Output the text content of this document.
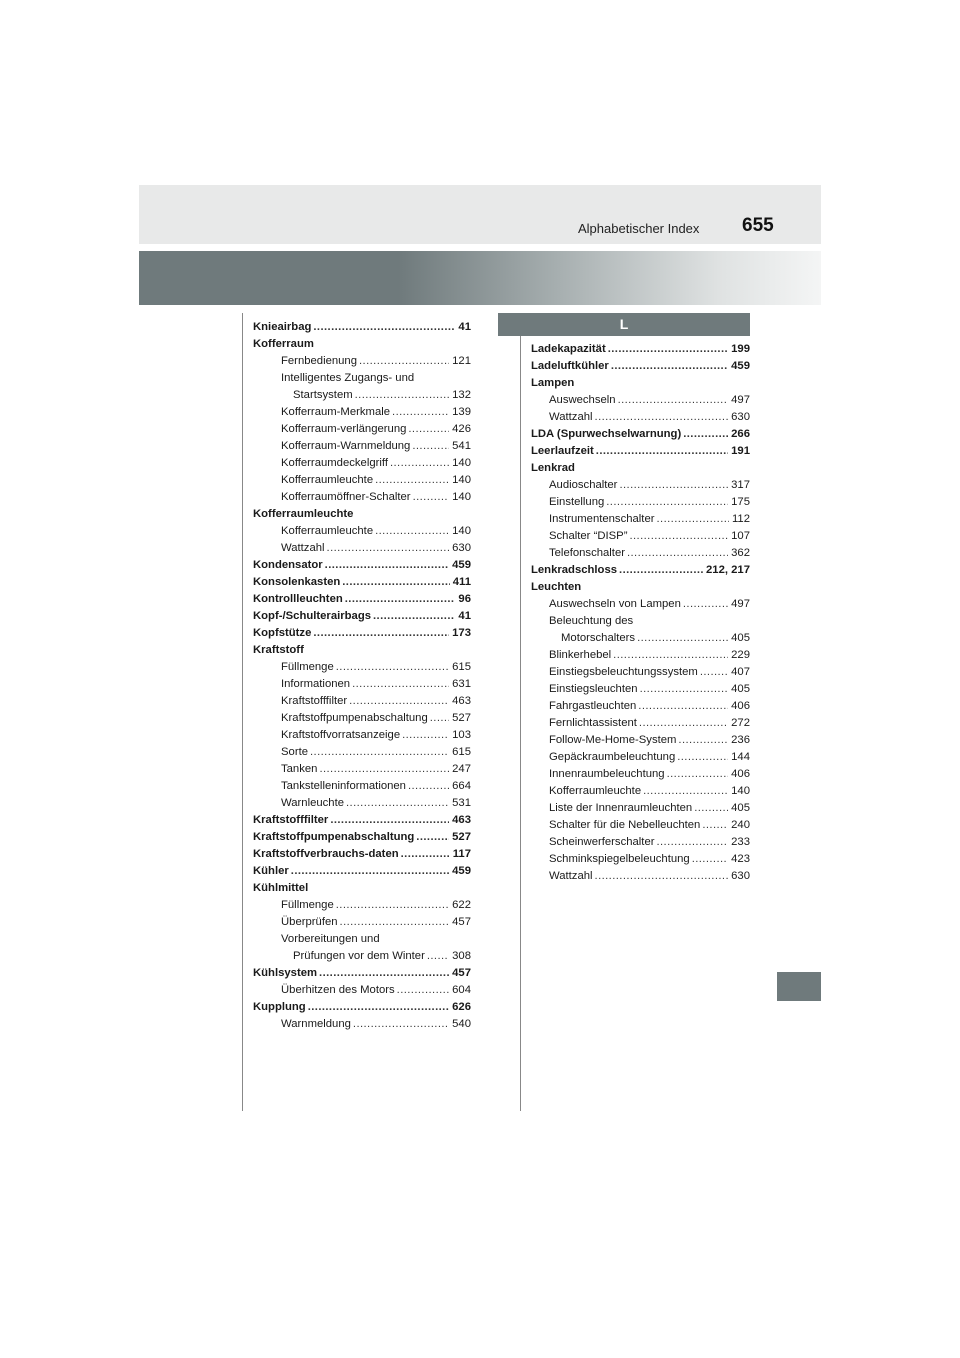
Alphabetischer Index 655
L
Knieairbag .....	41
Kofferraum
Fernbedienung .....	121
Intelligentes Zugangs- und
Startsystem .....	132
Kofferraum-Merkmale .....	139
Kofferraum-verlängerung .....	426
Kofferraum-Warnmeldung .....	541
Kofferraumdeckelgriff .....	140
Kofferraumleuchte .....	140
Kofferraumöffner-Schalter .....	140
Kofferraumleuchte
Kofferraumleuchte .....	140
Wattzahl .....	630
Kondensator .....	459
Konsolenkasten .....	411
Kontrollleuchten .....	96
Kopf-/Schulterairbags .....	41
Kopfstütze .....	173
Kraftstoff
Füllmenge .....	615
Informationen .....	631
Kraftstofffilter .....	463
Kraftstoffpumpenabschaltung ..... 527
Kraftstoffvorratsanzeige .....	103
Sorte .....	615
Tanken .....	247
Tankstelleninformationen .....	664
Warnleuchte .....	531
Kraftstofffilter .....	463
Kraftstoffpumpenabschaltung .....	527
Kraftstoffverbrauchs-daten .....	117
Kühler .....	459
Kühlmittel
Füllmenge .....	622
Überprüfen .....	457
Vorbereitungen und
Prüfungen vor dem Winter ..... 308
Kühlsystem .....	457
Überhitzen des Motors .....	604
Kupplung .....	626
Warnmeldung .....	540
Ladekapazität .....	199
Ladeluftkühler .....	459
Lampen
Auswechseln .....	497
Wattzahl .....	630
LDA (Spurwechselwarnung) .....	266
Leerlaufzeit .....	191
Lenkrad
Audioschalter .....	317
Einstellung .....	175
Instrumentenschalter .....	112
Schalter “DISP” .....	107
Telefonschalter .....	362
Lenkradschloss .....	212, 217
Leuchten
Auswechseln von Lampen .....	497
Beleuchtung des
Motorschalters .....	405
Blinkerhebel .....	229
Einstiegsbeleuchtungssystem .....	407
Einstiegsleuchten .....	405
Fahrgastleuchten .....	406
Fernlichtassistent .....	272
Follow-Me-Home-System .....	236
Gepäckraumbeleuchtung .....	144
Innenraumbeleuchtung .....	406
Kofferraumleuchte .....	140
Liste der Innenraumleuchten .....	405
Schalter für die Nebelleuchten .....	240
Scheinwerferschalter .....	233
Schminkspiegelbeleuchtung .....	423
Wattzahl .....	630
